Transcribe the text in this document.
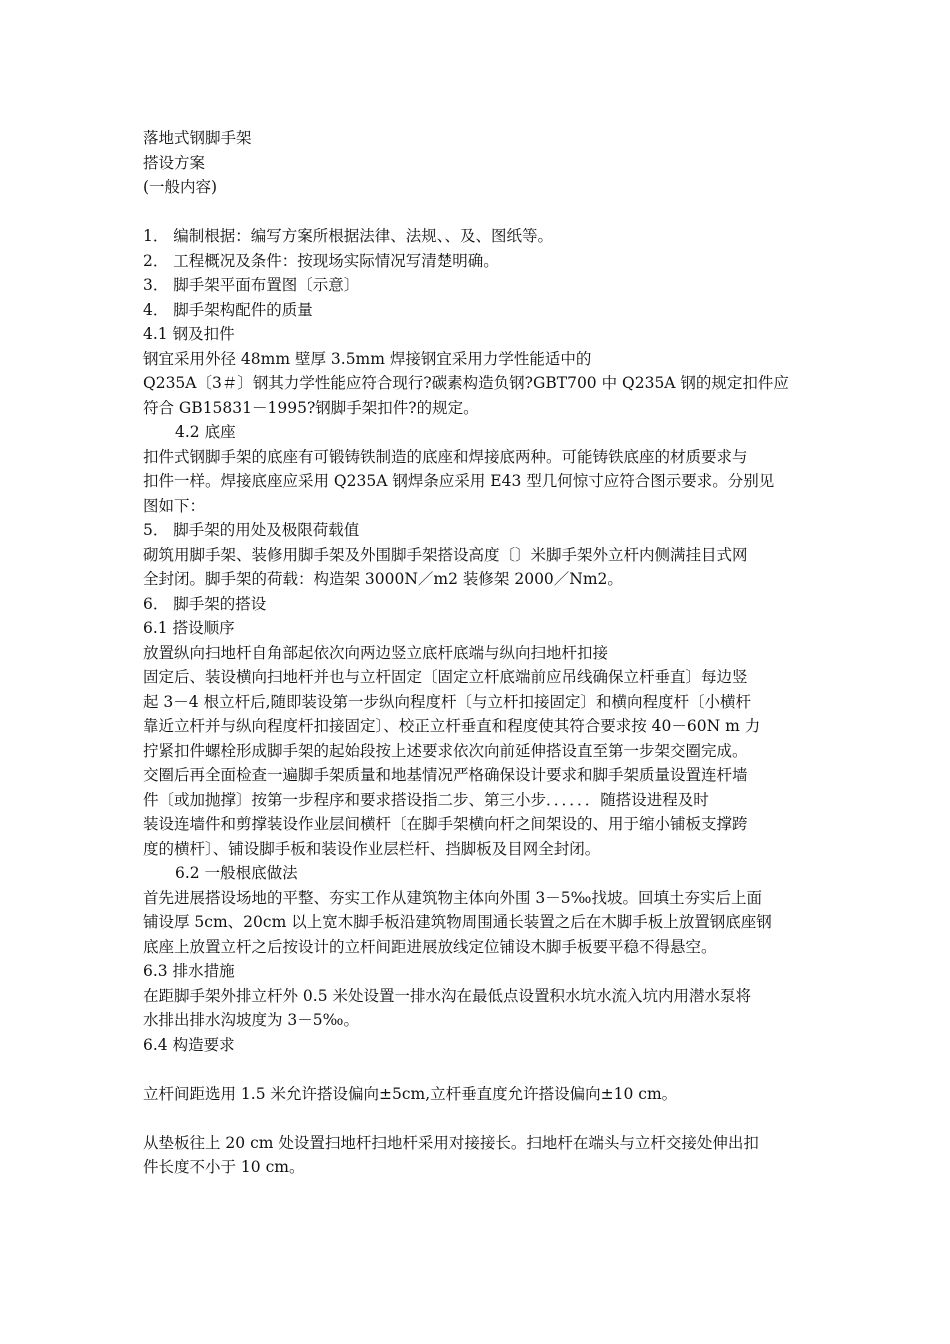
落地式钢脚手架
搭设方案
(一般内容)
1． 编制根据：编写方案所根据法律、法规、、及、图纸等。
2． 工程概况及条件：按现场实际情况写清楚明确。
3． 脚手架平面布置图〔示意〕
4． 脚手架构配件的质量
4.1 钢及扣件
钢宜采用外径 48mm 壁厚 3.5mm 焊接钢宜采用力学性能适中的
Q235A〔3＃〕钢其力学性能应符合现行?碳素构造负钢?GBT700 中 Q235A 钢的规定扣件应
符合 GB15831－1995?钢脚手架扣件?的规定。
4.2 底座
扣件式钢脚手架的底座有可锻铸铁制造的底座和焊接底两种。可能铸铁底座的材质要求与
扣件一样。焊接底座应采用 Q235A 钢焊条应采用 E43 型几何惊寸应符合图示要求。分别见
图如下：
5． 脚手架的用处及极限荷载值
砌筑用脚手架、装修用脚手架及外围脚手架搭设高度〔〕米脚手架外立杆内侧满挂目式网
全封闭。脚手架的荷载：构造架 3000N／m2 装修架 2000／Nm2。
6． 脚手架的搭设
6.1 搭设顺序
放置纵向扫地杆自角部起依次向两边竖立底杆底端与纵向扫地杆扣接
固定后、装设横向扫地杆并也与立杆固定〔固定立杆底端前应吊线确保立杆垂直〕每边竖
起 3－4 根立杆后,随即装设第一步纵向程度杆〔与立杆扣接固定〕和横向程度杆〔小横杆
靠近立杆并与纵向程度杆扣接固定〕、校正立杆垂直和程度使其符合要求按 40－60N m 力
拧紧扣件螺栓形成脚手架的起始段按上述要求依次向前延伸搭设直至第一步架交圈完成。
交圈后再全面检查一遍脚手架质量和地基情况严格确保设计要求和脚手架质量设置连杆墙
件〔或加抛撑〕按第一步程序和要求搭设指二步、第三小步．．．．．．随搭设进程及时
装设连墙件和剪撑装设作业层间横杆〔在脚手架横向杆之间架设的、用于缩小铺板支撑跨
度的横杆〕、铺设脚手板和装设作业层栏杆、挡脚板及目网全封闭。
6.2 一般根底做法
首先进展搭设场地的平整、夯实工作从建筑物主体向外围 3－5‰找坡。回填土夯实后上面
铺设厚 5cm、20cm 以上宽木脚手板沿建筑物周围通长装置之后在木脚手板上放置钢底座钢
底座上放置立杆之后按设计的立杆间距进展放线定位铺设木脚手板要平稳不得悬空。
6.3 排水措施
在距脚手架外排立杆外 0.5 米处设置一排水沟在最低点设置积水坑水流入坑内用潜水泵将
水排出排水沟坡度为 3－5‰。
6.4 构造要求
立杆间距选用 1.5 米允许搭设偏向±5cm,立杆垂直度允许搭设偏向±10 cm。
从垫板往上 20 cm 处设置扫地杆扫地杆采用对接接长。扫地杆在端头与立杆交接处伸出扣
件长度不小于 10 cm。
